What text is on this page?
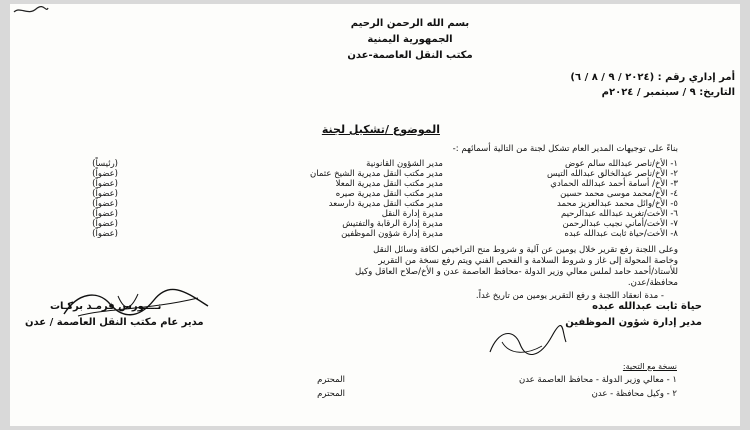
بسم الله الرحمن الرحيم
الجمهورية اليمنية
مكتب النقل العاصمة-عدن
أمر إداري رقم : (٢٠٢٤ / ٩ / ٨ / ٦)
التاريخ: ٩ / سبتمبر / ٢٠٢٤م
الموضوع /تشكيل لجنة
بناءً على توجيهات المدير العام تشكل لجنة من التالية أسمائهم :-
١- الأخ/ناصر عبدالله سالم عوض
مدير الشؤون القانونية
(رئيساً)
٢- الأخ/ناصر عبدالخالق عبدالله التيس
مدير مكتب النقل مديرية الشيخ عثمان
(عضواً)
٣- الأخ/ أسامة أحمد عبدالله الحمادي
مدير مكتب النقل مديرية المعلا
(عضواً)
٤- الأخ/محمد موسى محمد حسين
مدير مكتب النقل مديرية صيره
(عضواً)
٥- الأخ/وائل محمد عبدالعزيز محمد
مدير مكتب النقل مديرية دارسعد
(عضواً)
٦- الأخت/تغريد عبدالله عبدالرحيم
مديرة إدارة النقل
(عضواً)
٧- الأخت/أماني نجيب عبدالرحمن
مديرة إدارة الرقابة والتفتيش
(عضواً)
٨- الأخت/حياة ثابت عبدالله عبده
مديرة إدارة شؤون الموظفين
(عضواً)
وعلى اللجنة رفع تقرير خلال يومين عن آلية و شروط منح التراخيص لكافة وسائل النقل
وخاصة المحولة إلى غاز و شروط السلامة و الفحص الفني ويتم رفع نسخة من التقرير
للأستاذ/أحمد حامد لملس معالي وزير الدولة -محافظ العاصمة عدن و الأخ/صلاح العاقل وكيل
محافظة/عدن.
- مدة انعقاد اللجنة و رفع التقرير يومين من تاريخ غداً.
حياة ثابت عبدالله عبده
مدير إدارة شؤون الموظفين
نــــورس فرمـد بركـات
مدير عام مكتب النقل العاصمة / عدن
نسخة مع التحية:
١ - معالي وزير الدولة - محافظ العاصمة عدن
المحترم
٢ - وكيل محافظة - عدن
المحترم
